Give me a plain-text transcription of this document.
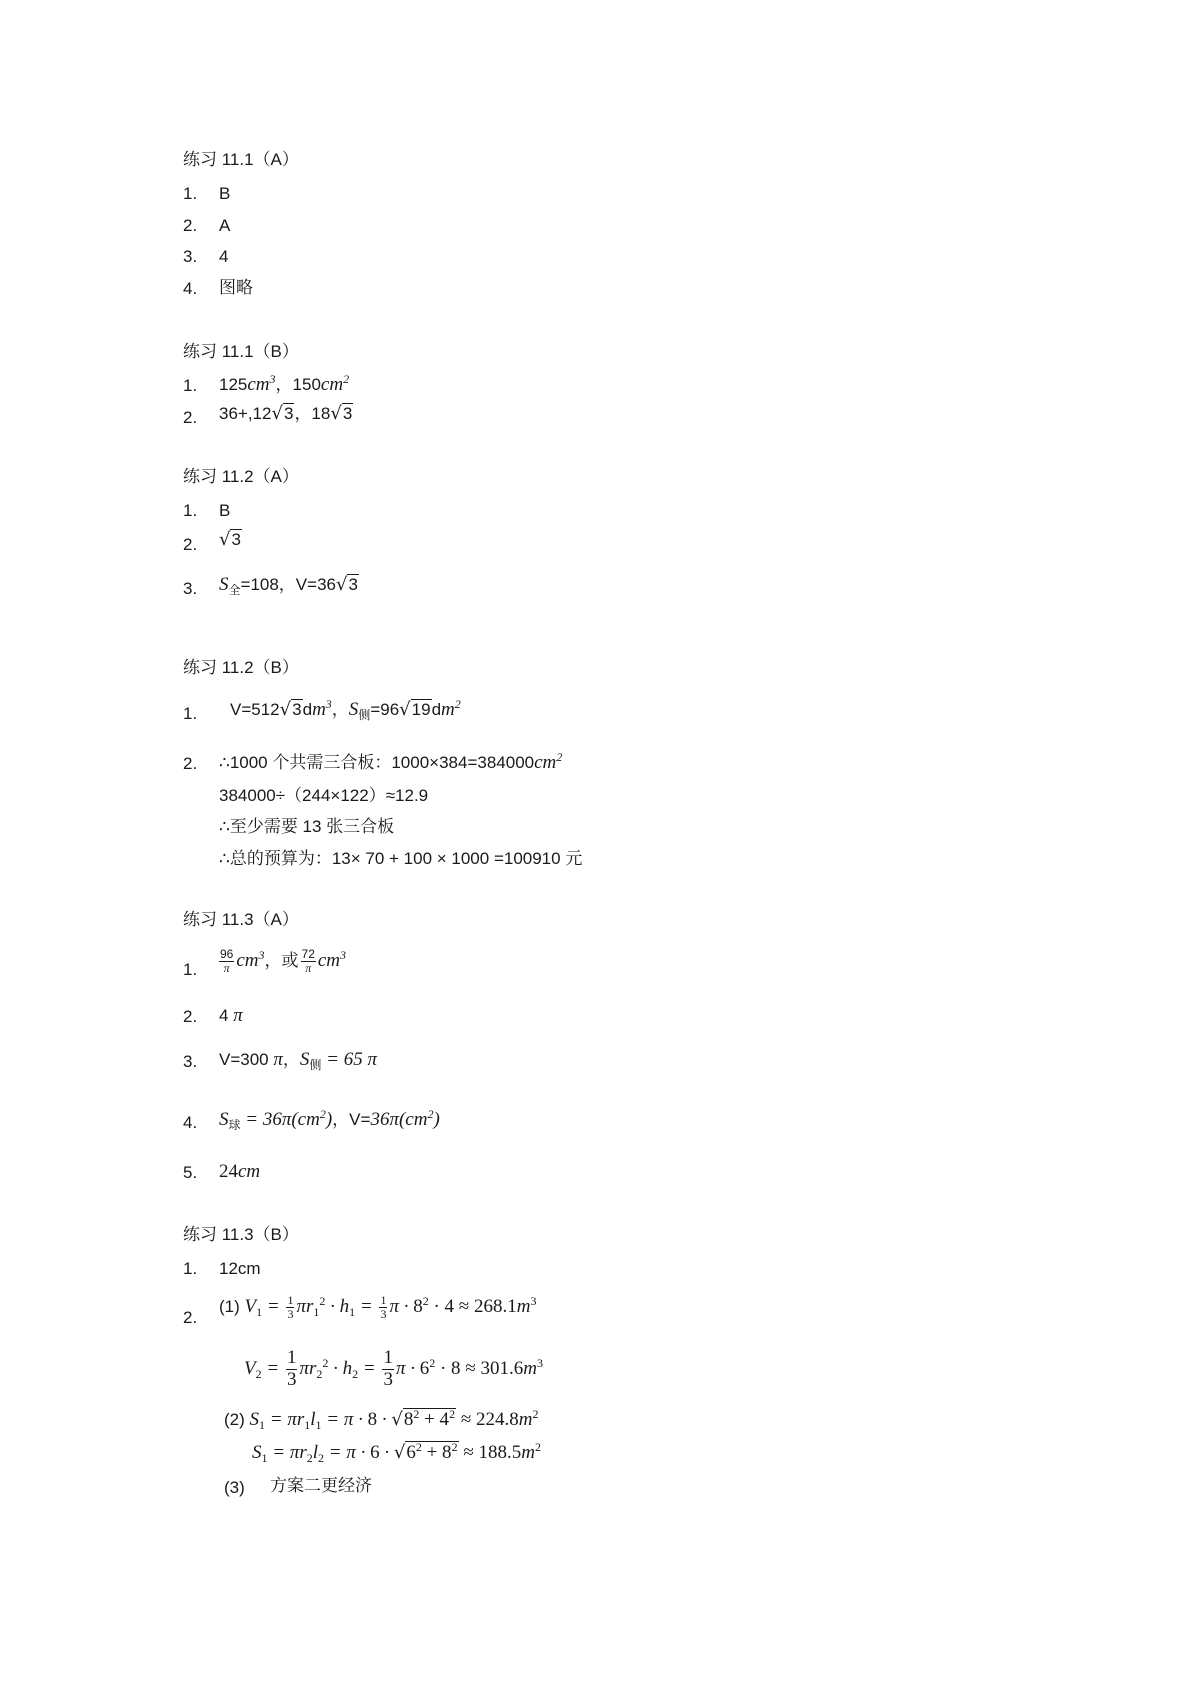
练习 11.1（A）
1. B
2. A
3. 4
4. 图略
练习 11.1（B）
1. $125cm^3$，$150cm^2$
2. 36+,12√3，18√3
练习 11.2（A）
1. B
2. √3
3. $S_全=108$，V=36√3
练习 11.2（B）
1. $V=512√3dm^3$，$S_侧=96√19dm^2$
2. ∴1000 个共需三合板：$1000\times 384=384000cm^2$
384000÷（244×122）≈12.9
∴至少需要 13 张三合板
∴总的预算为：13× 70 + 100 × 1000 =100910 元
练习 11.3（A）
1. $\frac{96}{\pi} cm^3$，或 $\frac{72}{\pi} cm^3$
2. 4 π
3. V=300 π，$S_侧 = 65$ π
4. $S_球 = 36\pi(cm^2)$，$V=36\pi(cm^2)$
5. 24cm
练习 11.3（B）
1. 12cm
2.
(1) $V_1 = \frac{1}{3} \pi r_1^2 \cdot h_1 = \frac{1}{3}$ $\pi \cdot 8^2 \cdot 4 \approx 268.1m^3$
$V_2 = \frac{1}{3} \pi r_2^2 \cdot h_2 = \frac{1}{3}$ $\pi \cdot 6^2 \cdot 8 \approx 301.6m^3$
(2) $S_1 = \pi r_1l_1 = \pi \cdot 8 \cdot √8^2 + 4^2 \approx 224.8m^2$
$S_1 = \pi r_2l_2 = \pi \cdot 6 \cdot √6^2 + 8^2 \approx 188.5m^2$
(3) 方案二更经济
